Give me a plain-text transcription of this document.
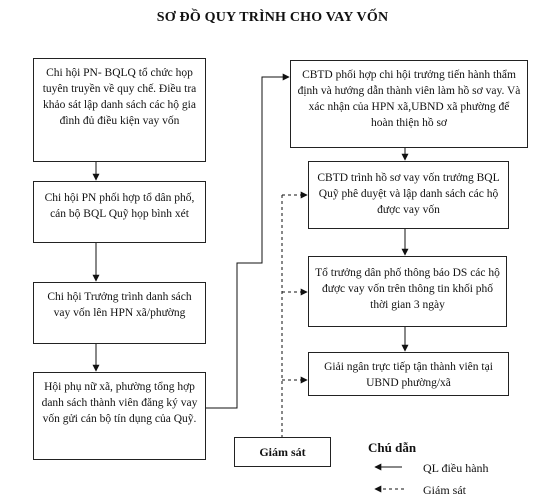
SƠ ĐỒ QUY TRÌNH CHO VAY VỐN
Chi hội PN- BQLQ tổ chức họp tuyên truyền về quy chế. Điều tra khảo sát lập danh sách các hộ gia đình đủ điều kiện vay vốn
Chi hội PN phối hợp tổ dân phố, cán bộ BQL Quỹ họp bình xét
Chi hội Trưởng trình danh sách vay vốn lên HPN xã/phường
Hội phụ nữ xã, phường tổng hợp danh sách thành viên đăng ký vay vốn gửi cán bộ tín dụng của Quỹ.
CBTD phối hợp chi hội trưởng tiến hành thẩm định và hướng dẫn thành viên làm hồ sơ vay. Và xác nhận của HPN xã,UBND xã phường để hoàn thiện hồ sơ
CBTD trình hồ sơ vay vốn trưởng BQL Quỹ phê duyệt và lập danh sách các hộ được vay vốn
Tổ trưởng dân phố thông báo DS các hộ được vay vốn trên thông tin khối phố thời gian 3 ngày
Giải ngân trực tiếp tận thành viên tại UBND phường/xã
Giám sát	Chú dẫn
QL điều hành
Giám sát
